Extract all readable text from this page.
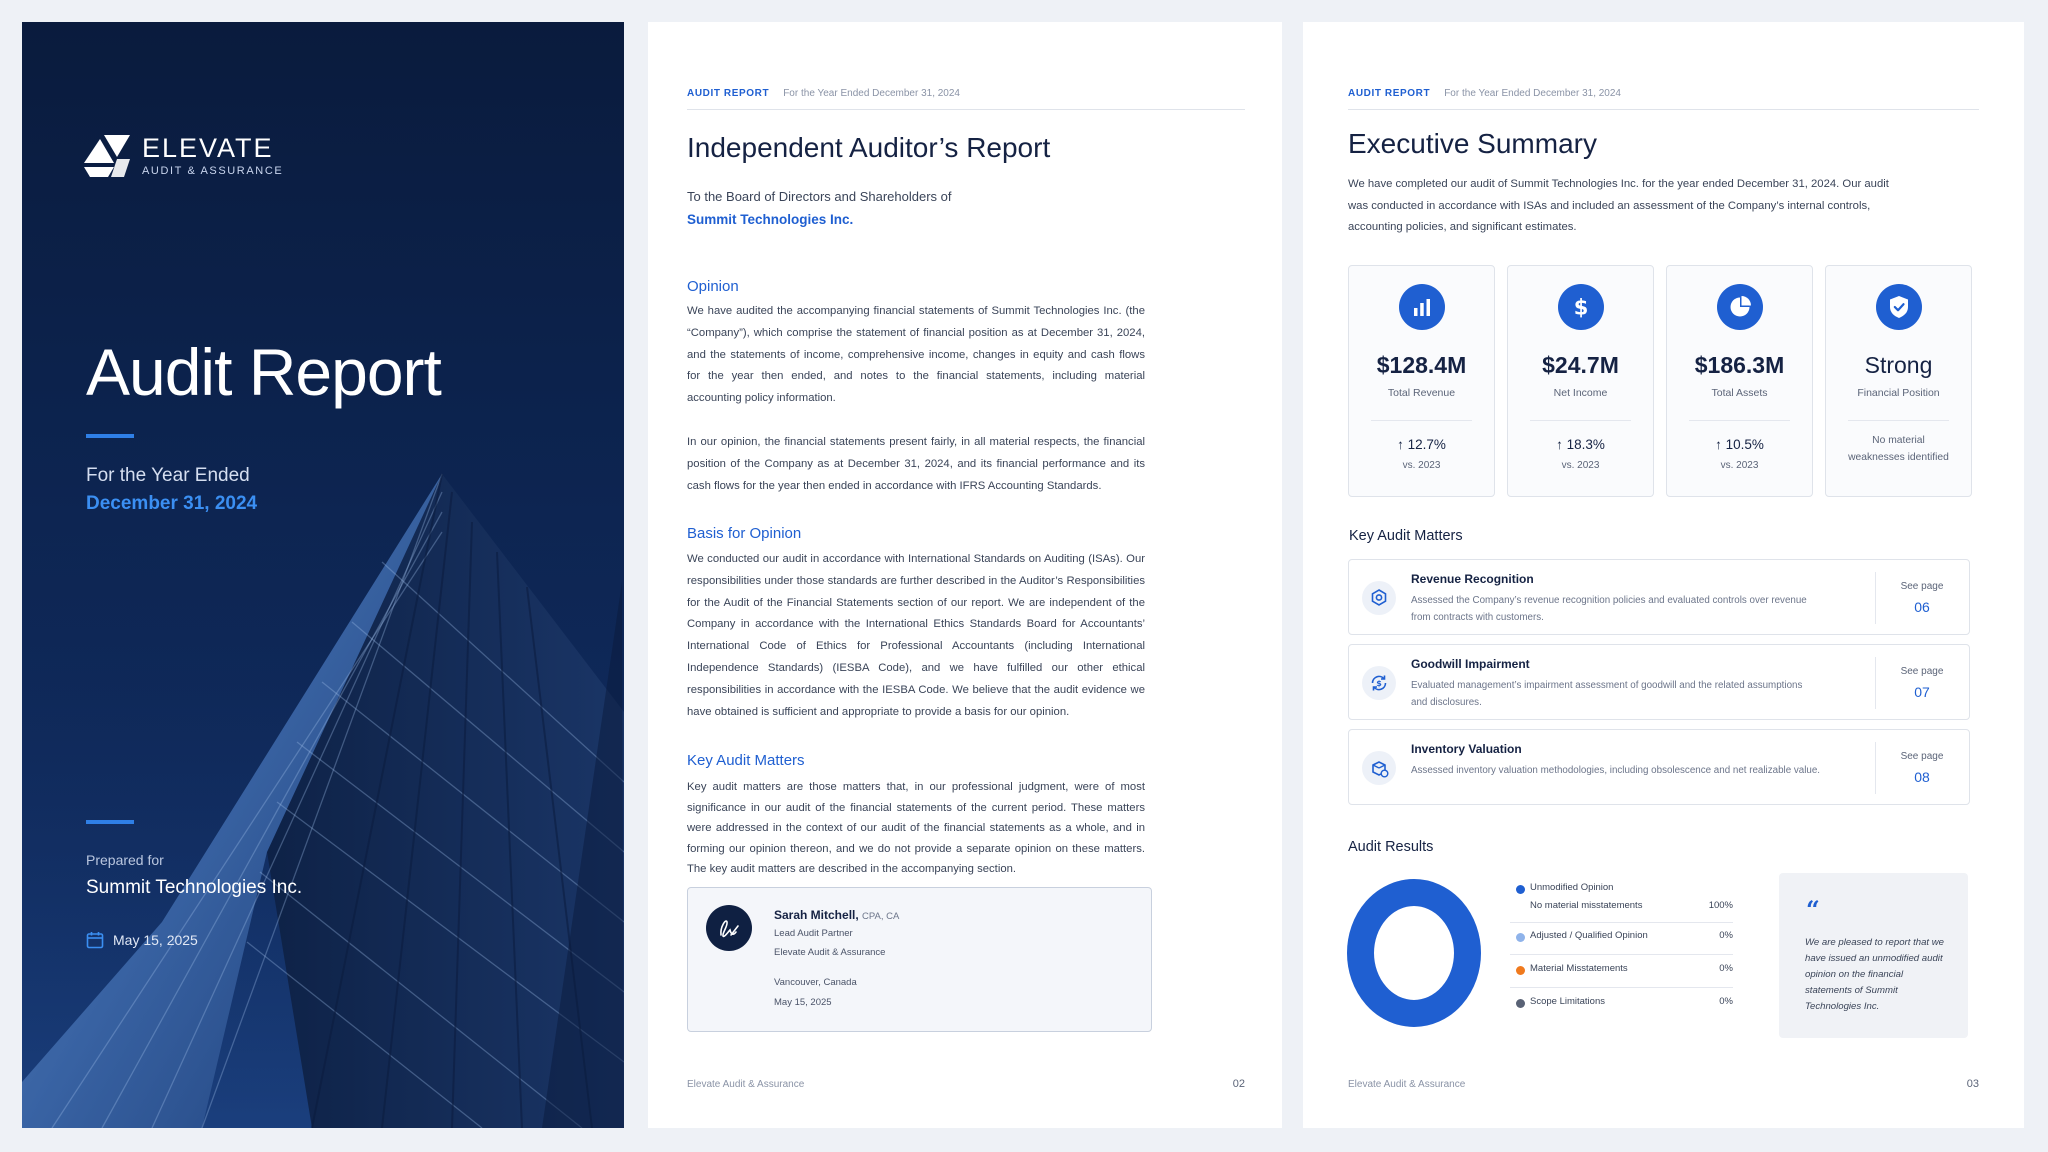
ELEVATE
AUDIT & ASSURANCE
Audit Report
For the Year Ended
December 31, 2024
Prepared for
Summit Technologies Inc.
May 15, 2025
AUDIT REPORT For the Year Ended December 31, 2024
Independent Auditor’s Report
To the Board of Directors and Shareholders of
Summit Technologies Inc.
Opinion
We have audited the accompanying financial statements of Summit Technologies Inc. (the “Company”), which comprise the statement of financial position as at December 31, 2024, and the statements of income, comprehensive income, changes in equity and cash flows for the year then ended, and notes to the financial statements, including material accounting policy information.
In our opinion, the financial statements present fairly, in all material respects, the financial position of the Company as at December 31, 2024, and its financial performance and its cash flows for the year then ended in accordance with IFRS Accounting Standards.
Basis for Opinion
We conducted our audit in accordance with International Standards on Auditing (ISAs). Our responsibilities under those standards are further described in the Auditor’s Responsibilities for the Audit of the Financial Statements section of our report. We are independent of the Company in accordance with the International Ethics Standards Board for Accountants’ International Code of Ethics for Professional Accountants (including International Independence Standards) (IESBA Code), and we have fulfilled our other ethical responsibilities in accordance with the IESBA Code. We believe that the audit evidence we have obtained is sufficient and appropriate to provide a basis for our opinion.
Key Audit Matters
Key audit matters are those matters that, in our professional judgment, were of most significance in our audit of the financial statements of the current period. These matters were addressed in the context of our audit of the financial statements as a whole, and in forming our opinion thereon, and we do not provide a separate opinion on these matters. The key audit matters are described in the accompanying section.
Sarah Mitchell, CPA, CA
Lead Audit Partner
Elevate Audit & Assurance
Vancouver, Canada
May 15, 2025
Elevate Audit & Assurance	02
AUDIT REPORT For the Year Ended December 31, 2024
Executive Summary
We have completed our audit of Summit Technologies Inc. for the year ended December 31, 2024. Our audit was conducted in accordance with ISAs and included an assessment of the Company’s internal controls, accounting policies, and significant estimates.
$128.4M
Total Revenue
↑ 12.7%
vs. 2023
$
$24.7M
Net Income
↑ 18.3%
vs. 2023
$186.3M
Total Assets
↑ 10.5%
vs. 2023
Strong
Financial Position
No material weaknesses identified
Key Audit Matters
Revenue Recognition
Assessed the Company’s revenue recognition policies and evaluated controls over revenue from contracts with customers.
See page
06
$
Goodwill Impairment
Evaluated management’s impairment assessment of goodwill and the related assumptions and disclosures.
See page
07
Inventory Valuation
Assessed inventory valuation methodologies, including obsolescence and net realizable value.
See page
08
Audit Results
Unmodified Opinion
No material misstatements	100%
Adjusted / Qualified Opinion	0%
Material Misstatements	0%
Scope Limitations	0%
“
We are pleased to report that we have issued an unmodified audit opinion on the financial statements of Summit Technologies Inc.
Elevate Audit & Assurance	03
